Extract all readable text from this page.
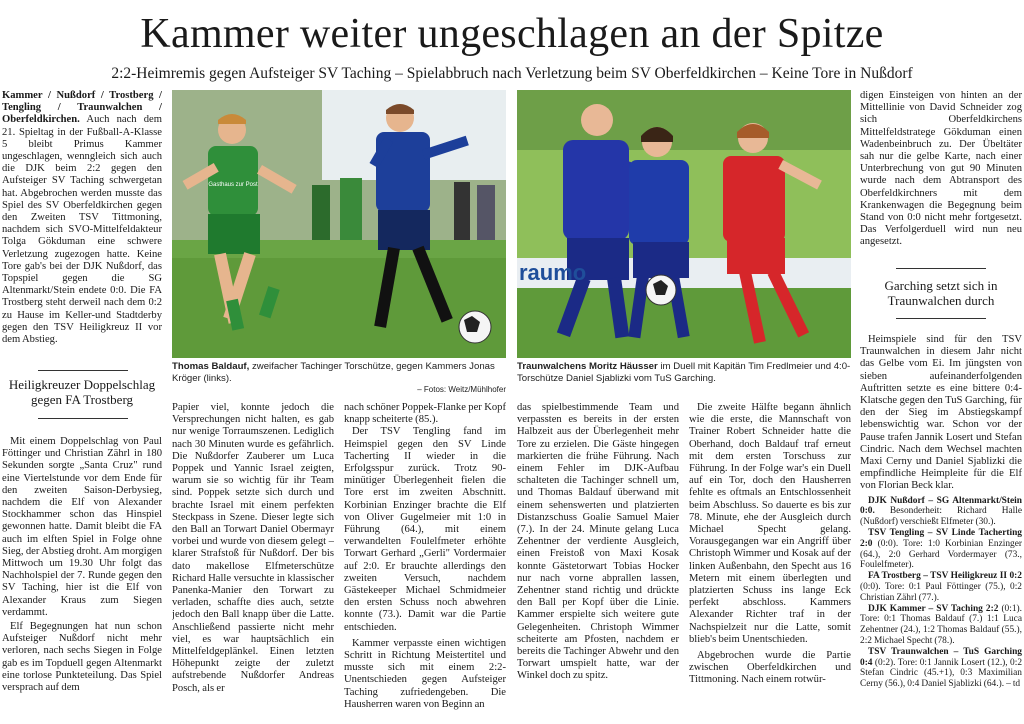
Kammer weiter ungeschlagen an der Spitze
2:2-Heimremis gegen Aufsteiger SV Taching – Spielabbruch nach Verletzung beim SV Oberfeldkirchen – Keine Tore in Nußdorf

Kammer / Nußdorf / Trostberg / Tengling / Traunwalchen / Oberfeldkirchen. Auch nach dem 21. Spieltag in der Fußball-A-Klasse 5 bleibt Primus Kammer ungeschlagen, wenngleich sich auch die DJK beim 2:2 gegen den Aufsteiger SV Taching schwergetan hat. Abgebrochen werden musste das Spiel des SV Oberfeldkirchen gegen den Zweiten TSV Tittmoning, nachdem sich SVO-Mittelfeldakteur Tolga Gökduman eine schwere Verletzung zugezogen hatte. Keine Tore gab's bei der DJK Nußdorf, das Topspiel gegen die SG Altenmarkt/Stein endete 0:0. Die FA Trostberg steht derweil nach dem 0:2 zu Hause im Keller-und Stadtderby gegen den TSV Heiligkreuz II vor dem Abstieg.

Heiligkreuzer Doppelschlag gegen FA Trostberg

Mit einem Doppelschlag von Paul Föttinger und Christian Zährl in 180 Sekunden sorgte „Santa Cruz" rund eine Viertelstunde vor dem Ende für den zweiten Saison-Derbysieg, nachdem die Elf von Alexander Stockhammer schon das Hinspiel gewonnen hatte. Damit bleibt die FA auch im elften Spiel in Folge ohne Sieg, der Abstieg droht. Am morgigen Mittwoch um 19.30 Uhr folgt das Nachholspiel der 7. Runde gegen den SV Taching, hier ist die Elf von Alexander Kraus zum Siegen verdammt.

Elf Begegnungen hat nun schon Aufsteiger Nußdorf nicht mehr verloren, nach sechs Siegen in Folge gab es im Topduell gegen Altenmarkt eine torlose Punkteteilung. Das Spiel versprach auf dem

Gasthaus zur Post
Thomas Baldauf, zweifacher Tachinger Torschütze, gegen Kammers Jonas Kröger (links).
– Fotos: Weitz/Mühlhofer
raumo
Traunwalchens Moritz Häusser im Duell mit Kapitän Tim Fredlmeier und 4:0-Torschütze Daniel Sjablizki vom TuS Garching.

Papier viel, konnte jedoch die Versprechungen nicht halten, es gab nur wenige Torraumszenen. Lediglich nach 30 Minuten wurde es gefährlich. Die Nußdorfer Zauberer um Luca Poppek und Yannic Israel zeigten, warum sie so wichtig für ihr Team sind. Poppek setzte sich durch und brachte Israel mit einem perfekten Steckpass in Szene. Dieser legte sich den Ball an Torwart Daniel Obermayr vorbei und wurde von diesem gelegt – klarer Strafstoß für Nußdorf. Der bis dato makellose Elfmeterschütze Richard Halle versuchte in klassischer Panenka-Manier den Torwart zu verladen, schaffte dies auch, setzte jedoch den Ball knapp über die Latte. Anschließend passierte nicht mehr viel, es war hauptsächlich ein Mittelfeldgeplänkel. Einen letzten Höhepunkt zeigte der zuletzt aufstrebende Nußdorfer Andreas Posch, als er

nach schöner Poppek-Flanke per Kopf knapp scheiterte (85.).

Der TSV Tengling fand im Heimspiel gegen den SV Linde Tacherting II wieder in die Erfolgsspur zurück. Trotz 90-minütiger Überlegenheit fielen die Tore erst im zweiten Abschnitt. Korbinian Enzinger brachte die Elf von Oliver Gugelmeier mit 1:0 in Führung (64.), mit einem verwandelten Foulelfmeter erhöhte Torwart Gerhard „Gerli" Vordermaier auf 2:0. Er brauchte allerdings den zweiten Versuch, nachdem Gästekeeper Michael Schmidmeier den ersten Schuss noch abwehren konnte (73.). Damit war die Partie entschieden.

Kammer verpasste einen wichtigen Schritt in Richtung Meistertitel und musste sich mit einem 2:2-Unentschieden gegen Aufsteiger Taching zufriedengeben. Die Hausherren waren von Beginn an

das spielbestimmende Team und verpassten es bereits in der ersten Halbzeit aus der Überlegenheit mehr Tore zu erzielen. Die Gäste hingegen markierten die frühe Führung. Nach einem Fehler im DJK-Aufbau schalteten die Tachinger schnell um, und Thomas Baldauf überwand mit einem sehenswerten und platzierten Distanzschuss Goalie Samuel Maier (7.). In der 24. Minute gelang Luca Zehentner der verdiente Ausgleich, einen Freistoß von Maxi Kosak konnte Gästetorwart Tobias Hocker nur nach vorne abprallen lassen, Zehentner stand richtig und drückte den Ball per Kopf über die Linie. Kammer erspielte sich weitere gute Gelegenheiten. Christoph Wimmer scheiterte am Pfosten, nachdem er bereits die Tachinger Abwehr und den Torwart umspielt hatte, war der Winkel doch zu spitz.

Die zweite Hälfte begann ähnlich wie die erste, die Mannschaft von Trainer Robert Schneider hatte die Oberhand, doch Baldauf traf erneut mit dem ersten Torschuss zur Führung. In der Folge war's ein Duell auf ein Tor, doch den Hausherren fehlte es oftmals an Entschlossenheit beim Abschluss. So dauerte es bis zur 78. Minute, ehe der Ausgleich durch Michael Specht gelang. Vorausgegangen war ein Angriff über Christoph Wimmer und Kosak auf der linken Außenbahn, den Specht aus 16 Metern mit einem überlegten und platzierten Schuss ins lange Eck perfekt abschloss. Kammers Alexander Richter traf in der Nachspielzeit nur die Latte, somit blieb's beim Unentschieden.

Abgebrochen wurde die Partie zwischen Oberfeldkirchen und Tittmoning. Nach einem rotwür-

digen Einsteigen von hinten an der Mittellinie von David Schneider zog sich Oberfeldkirchens Mittelfeldstratege Gökduman einen Wadenbeinbruch zu. Der Übeltäter sah nur die gelbe Karte, nach einer Unterbrechung von gut 90 Minuten wurde nach dem Abtransport des Oberfeldkirchners mit dem Krankenwagen die Begegnung beim Stand von 0:0 nicht mehr fortgesetzt. Das Verfolgerduell wird nun neu angesetzt.

Garching setzt sich in Traunwalchen durch

Heimspiele sind für den TSV Traunwalchen in diesem Jahr nicht das Gelbe vom Ei. Im jüngsten von sieben aufeinanderfolgenden Auftritten setzte es eine bittere 0:4-Klatsche gegen den TuS Garching, für den der Sieg im Abstiegskampf lebenswichtig war. Schon vor der Pause trafen Jannik Losert und Stefan Cindric. Nach dem Wechsel machten Maxi Cerny und Daniel Sjablizki die empfindliche Heimpleite für die Elf von Florian Beck klar.

DJK Nußdorf – SG Altenmarkt/Stein 0:0. Besonderheit: Richard Halle (Nußdorf) verschießt Elfmeter (30.).

TSV Tengling – SV Linde Tacherting 2:0 (0:0). Tore: 1:0 Korbinian Enzinger (64.), 2:0 Gerhard Vordermayer (73., Foulelfmeter).

FA Trostberg – TSV Heiligkreuz II 0:2 (0:0). Tore: 0:1 Paul Föttinger (75.), 0:2 Christian Zährl (77.).

DJK Kammer – SV Taching 2:2 (0:1). Tore: 0:1 Thomas Baldauf (7.) 1:1 Luca Zehentner (24.), 1:2 Thomas Baldauf (55.), 2:2 Michael Specht (78.).

TSV Traunwalchen – TuS Garching 0:4 (0:2). Tore: 0:1 Jannik Losert (12.), 0:2 Stefan Cindric (45.+1), 0:3 Maximilian Cerny (56.), 0:4 Daniel Sjablizki (64.). – td
